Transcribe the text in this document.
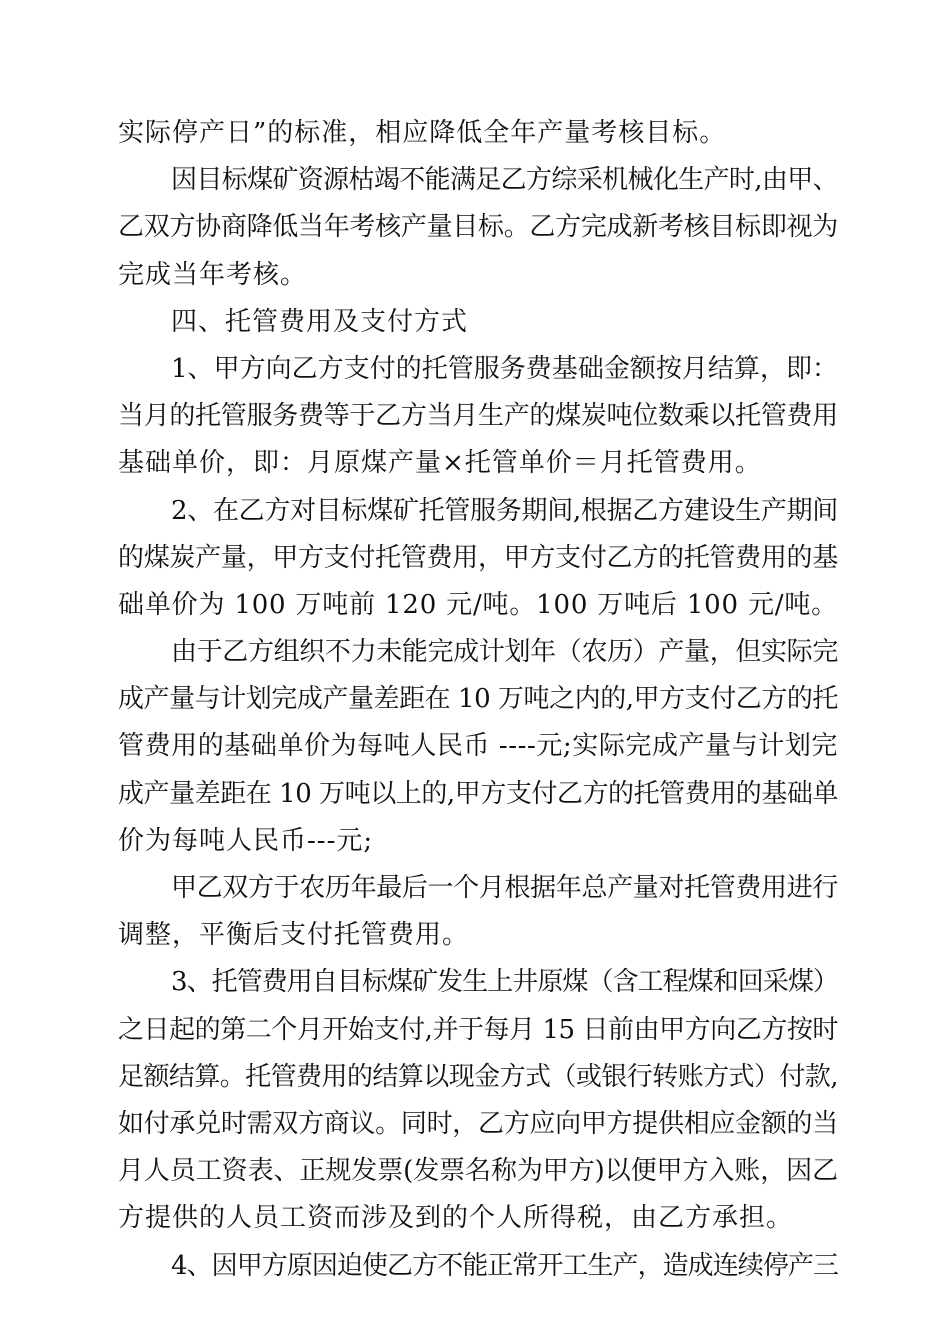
实际停产日”的标准，相应降低全年产量考核目标。
因目标煤矿资源枯竭不能满足乙方综采机械化生产时,由甲、
乙双方协商降低当年考核产量目标。乙方完成新考核目标即视为
完成当年考核。
四、托管费用及支付方式
1、甲方向乙方支付的托管服务费基础金额按月结算，即：
当月的托管服务费等于乙方当月生产的煤炭吨位数乘以托管费用
基础单价，即：月原煤产量×托管单价＝月托管费用。
2、在乙方对目标煤矿托管服务期间,根据乙方建设生产期间
的煤炭产量，甲方支付托管费用，甲方支付乙方的托管费用的基
础单价为 100 万吨前 120 元/吨。100 万吨后 100 元/吨。
由于乙方组织不力未能完成计划年（农历）产量，但实际完
成产量与计划完成产量差距在 10 万吨之内的,甲方支付乙方的托
管费用的基础单价为每吨人民币 ----元;实际完成产量与计划完
成产量差距在 10 万吨以上的,甲方支付乙方的托管费用的基础单
价为每吨人民币---元;
甲乙双方于农历年最后一个月根据年总产量对托管费用进行
调整，平衡后支付托管费用。
3、托管费用自目标煤矿发生上井原煤（含工程煤和回采煤）
之日起的第二个月开始支付,并于每月 15 日前由甲方向乙方按时
足额结算。托管费用的结算以现金方式（或银行转账方式）付款,
如付承兑时需双方商议。同时，乙方应向甲方提供相应金额的当
月人员工资表、正规发票(发票名称为甲方)以便甲方入账，因乙
方提供的人员工资而涉及到的个人所得税，由乙方承担。
4、因甲方原因迫使乙方不能正常开工生产，造成连续停产三
